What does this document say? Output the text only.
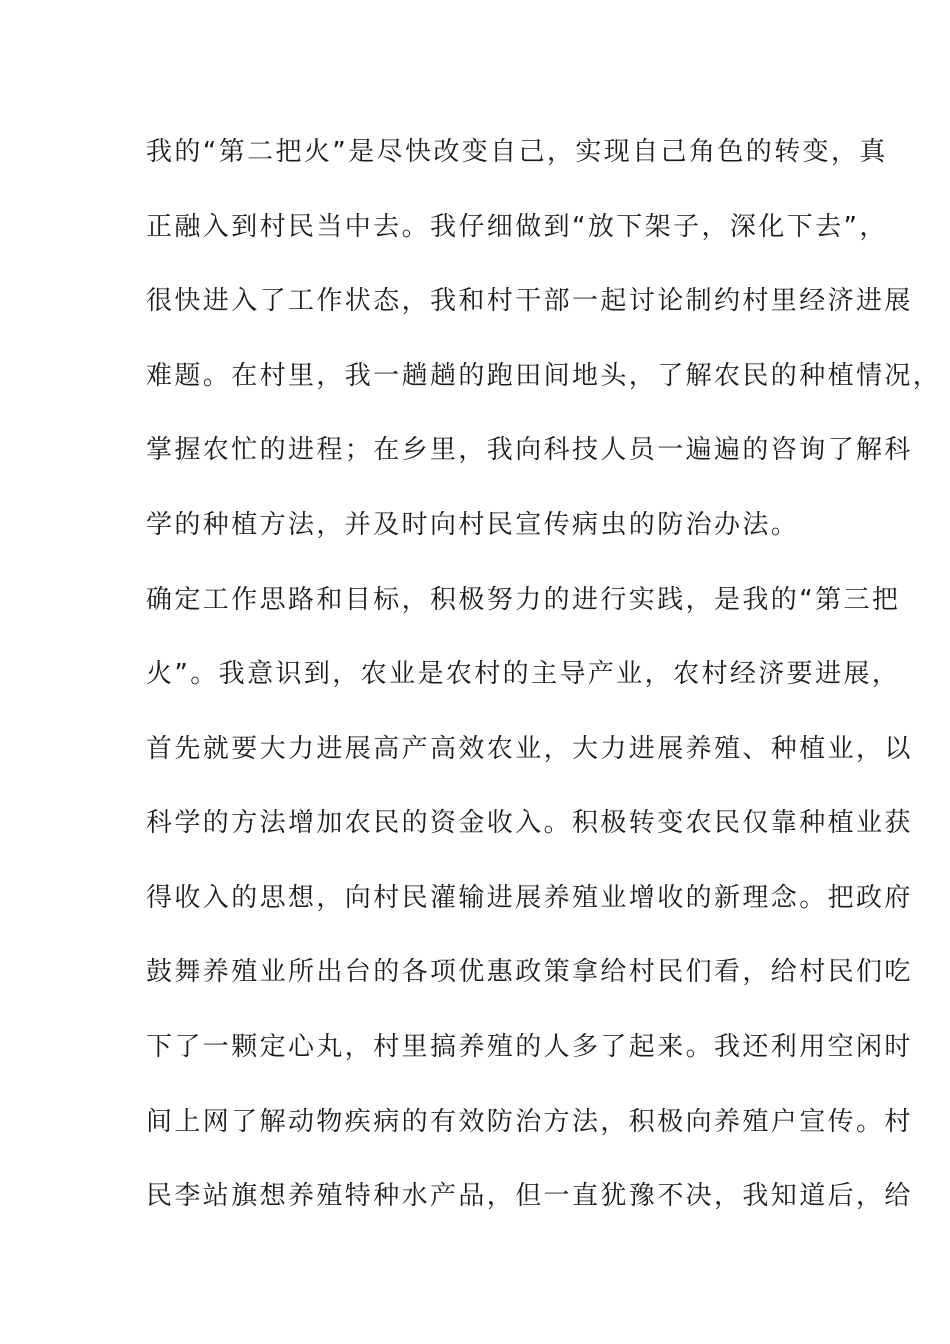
我的“第二把火”是尽快改变自己，实现自己角色的转变，真
正融入到村民当中去。我仔细做到“放下架子，深化下去”，
很快进入了工作状态，我和村干部一起讨论制约村里经济进展
难题。在村里，我一趟趟的跑田间地头，了解农民的种植情况，
掌握农忙的进程；在乡里，我向科技人员一遍遍的咨询了解科
学的种植方法，并及时向村民宣传病虫的防治办法。
确定工作思路和目标，积极努力的进行实践，是我的“第三把
火”。我意识到，农业是农村的主导产业，农村经济要进展，
首先就要大力进展高产高效农业，大力进展养殖、种植业，以
科学的方法增加农民的资金收入。积极转变农民仅靠种植业获
得收入的思想，向村民灌输进展养殖业增收的新理念。把政府
鼓舞养殖业所出台的各项优惠政策拿给村民们看，给村民们吃
下了一颗定心丸，村里搞养殖的人多了起来。我还利用空闲时
间上网了解动物疾病的有效防治方法，积极向养殖户宣传。村
民李站旗想养殖特种水产品，但一直犹豫不决，我知道后，给
